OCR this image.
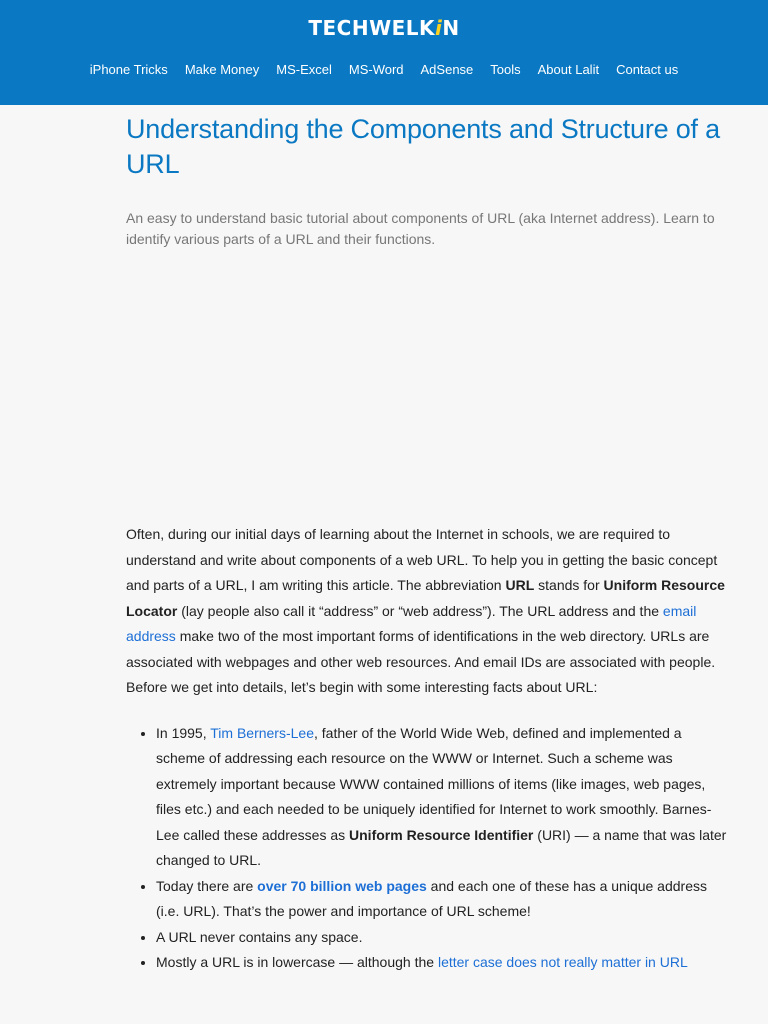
TECHWELKiN
iPhone Tricks Make Money MS-Excel MS-Word AdSense Tools About Lalit Contact us
Understanding the Components and Structure of a URL

An easy to understand basic tutorial about components of URL (aka Internet address). Learn to identify various parts of a URL and their functions.

Often, during our initial days of learning about the Internet in schools, we are required to understand and write about components of a web URL. To help you in getting the basic concept and parts of a URL, I am writing this article. The abbreviation URL stands for Uniform Resource Locator (lay people also call it “address” or “web address”). The URL address and the email address make two of the most important forms of identifications in the web directory. URLs are associated with webpages and other web resources. And email IDs are associated with people. Before we get into details, let’s begin with some interesting facts about URL:

• In 1995, Tim Berners-Lee, father of the World Wide Web, defined and implemented a scheme of addressing each resource on the WWW or Internet. Such a scheme was extremely important because WWW contained millions of items (like images, web pages, files etc.) and each needed to be uniquely identified for Internet to work smoothly. Barnes-Lee called these addresses as Uniform Resource Identifier (URI) — a name that was later changed to URL.
• Today there are over 70 billion web pages and each one of these has a unique address (i.e. URL). That’s the power and importance of URL scheme!
• A URL never contains any space.
• Mostly a URL is in lowercase — although the letter case does not really matter in URL
